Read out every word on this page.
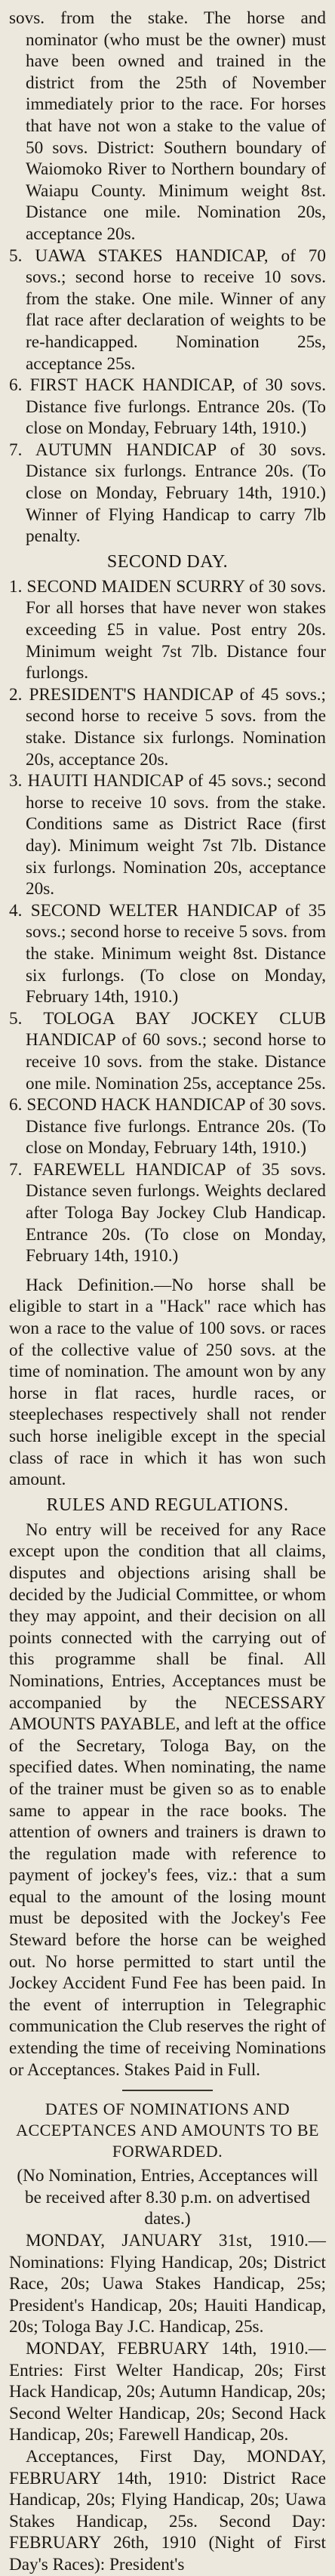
sovs. from the stake. The horse and nominator (who must be the owner) must have been owned and trained in the district from the 25th of November immediately prior to the race. For horses that have not won a stake to the value of 50 sovs. District: Southern boundary of Waiomoko River to Northern boundary of Waiapu County. Minimum weight 8st. Distance one mile. Nomination 20s, acceptance 20s.

5. UAWA STAKES HANDICAP, of 70 sovs.; second horse to receive 10 sovs. from the stake. One mile. Winner of any flat race after declaration of weights to be re-handicapped. Nomination 25s, acceptance 25s.

6. FIRST HACK HANDICAP, of 30 sovs. Distance five furlongs. Entrance 20s. (To close on Monday, February 14th, 1910.)

7. AUTUMN HANDICAP of 30 sovs. Distance six furlongs. Entrance 20s. (To close on Monday, February 14th, 1910.) Winner of Flying Handicap to carry 7lb penalty.

SECOND DAY.

1. SECOND MAIDEN SCURRY of 30 sovs. For all horses that have never won stakes exceeding £5 in value. Post entry 20s. Minimum weight 7st 7lb. Distance four furlongs.

2. PRESIDENT'S HANDICAP of 45 sovs.; second horse to receive 5 sovs. from the stake. Distance six furlongs. Nomination 20s, acceptance 20s.

3. HAUITI HANDICAP of 45 sovs.; second horse to receive 10 sovs. from the stake. Conditions same as District Race (first day). Minimum weight 7st 7lb. Distance six furlongs. Nomination 20s, acceptance 20s.

4. SECOND WELTER HANDICAP of 35 sovs.; second horse to receive 5 sovs. from the stake. Minimum weight 8st. Distance six furlongs. (To close on Monday, February 14th, 1910.)

5. TOLOGA BAY JOCKEY CLUB HANDICAP of 60 sovs.; second horse to receive 10 sovs. from the stake. Distance one mile. Nomination 25s, acceptance 25s.

6. SECOND HACK HANDICAP of 30 sovs. Distance five furlongs. Entrance 20s. (To close on Monday, February 14th, 1910.)

7. FAREWELL HANDICAP of 35 sovs. Distance seven furlongs. Weights declared after Tologa Bay Jockey Club Handicap. Entrance 20s. (To close on Monday, February 14th, 1910.)

Hack Definition.—No horse shall be eligible to start in a "Hack" race which has won a race to the value of 100 sovs. or races of the collective value of 250 sovs. at the time of nomination. The amount won by any horse in flat races, hurdle races, or steeplechases respectively shall not render such horse ineligible except in the special class of race in which it has won such amount.

RULES AND REGULATIONS.

No entry will be received for any Race except upon the condition that all claims, disputes and objections arising shall be decided by the Judicial Committee, or whom they may appoint, and their decision on all points connected with the carrying out of this programme shall be final. All Nominations, Entries, Acceptances must be accompanied by the NECESSARY AMOUNTS PAYABLE, and left at the office of the Secretary, Tologa Bay, on the specified dates. When nominating, the name of the trainer must be given so as to enable same to appear in the race books. The attention of owners and trainers is drawn to the regulation made with reference to payment of jockey's fees, viz.: that a sum equal to the amount of the losing mount must be deposited with the Jockey's Fee Steward before the horse can be weighed out. No horse permitted to start until the Jockey Accident Fund Fee has been paid. In the event of interruption in Telegraphic communication the Club reserves the right of extending the time of receiving Nominations or Acceptances. Stakes Paid in Full.

DATES OF NOMINATIONS AND ACCEPTANCES AND AMOUNTS TO BE FORWARDED.

(No Nomination, Entries, Acceptances will be received after 8.30 p.m. on advertised dates.)

MONDAY, JANUARY 31st, 1910.—Nominations: Flying Handicap, 20s; District Race, 20s; Uawa Stakes Handicap, 25s; President's Handicap, 20s; Hauiti Handicap, 20s; Tologa Bay J.C. Handicap, 25s.

MONDAY, FEBRUARY 14th, 1910.—Entries: First Welter Handicap, 20s; First Hack Handicap, 20s; Autumn Handicap, 20s; Second Welter Handicap, 20s; Second Hack Handicap, 20s; Farewell Handicap, 20s.

Acceptances, First Day, MONDAY, FEBRUARY 14th, 1910: District Race Handicap, 20s; Flying Handicap, 20s; Uawa Stakes Handicap, 25s. Second Day: FEBRUARY 26th, 1910 (Night of First Day's Races): President's
